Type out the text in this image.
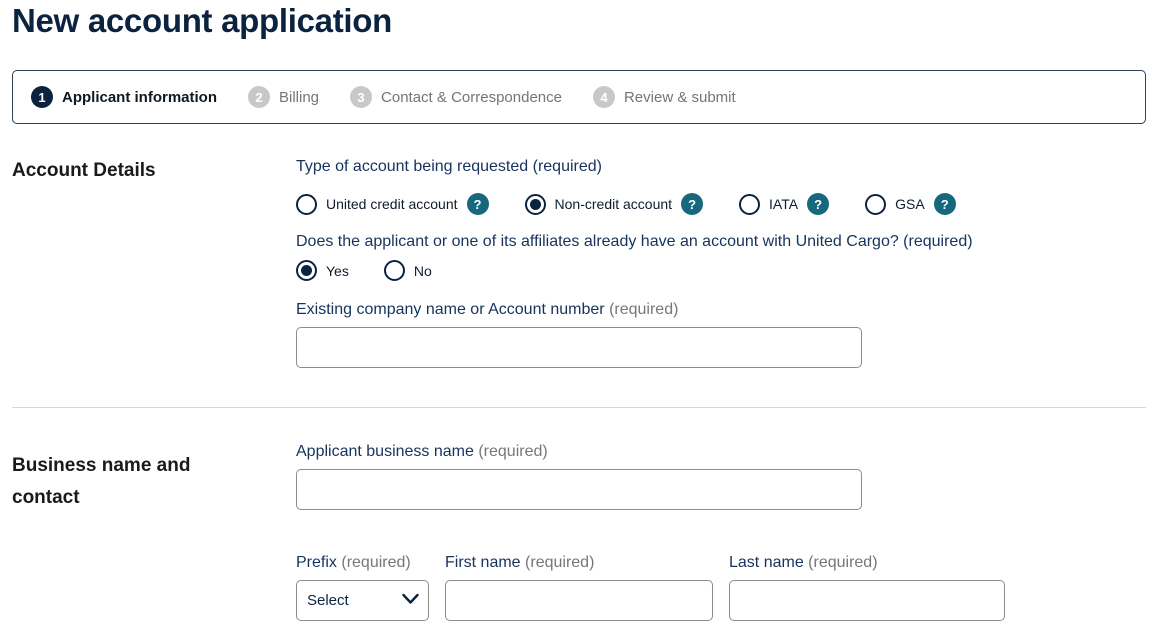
New account application
1	Applicant information	2	Billing	3	Contact & Correspondence	4	Review & submit
Account Details	Type of account being requested (required)
United credit account	?	Non-credit account	?	IATA	?	GSA	?
Does the applicant or one of its affiliates already have an account with United Cargo? (required)
Yes	No
Existing company name or Account number (required)
Business name and
contact
Applicant business name (required)
Prefix (required) First name (required)	Last name (required)
Select
